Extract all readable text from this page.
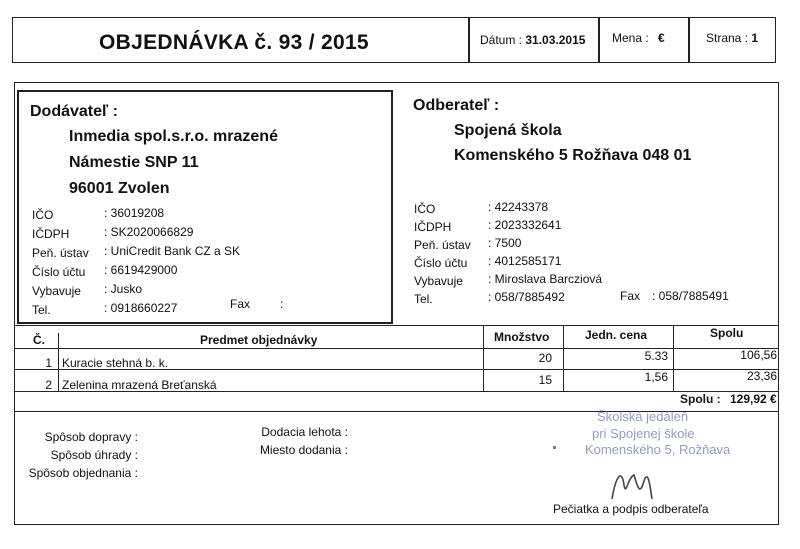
OBJEDNÁVKA č. 93 / 2015	Dátum : 31.03.2015 Mena : €	Strana : 1
Dodávateľ :
Inmedia spol.s.r.o. mrazené
Námestie SNP 11
96001 Zvolen
IČO	: 36019208
IČDPH	: SK2020066829
Peň. ústav : UniCredit Bank CZ a SK
Číslo účtu : 6619429000
Vybavuje : Jusko
Tel.	: 0918660227	Fax :
Odberateľ :
Spojená škola
Komenského 5 Rožňava 048 01
IČO	: 42243378
IČDPH	: 2023332641
Peň. ústav : 7500
Číslo účtu : 4012585171
Vybavuje : Miroslava Barcziová
Tel.	: 058/7885492	Fax : 058/7885491
Č.	Predmet objednávky	Množstvo	Jedn. cena	Spolu
1 Kuracie stehná b. k.	20	5.33	106,56
2 Zelenina mrazená Breťanská	15	1,56	23,36
Spolu : 129,92 €
Spôsob dopravy :
Spôsob úhrady :
Spôsob objednania :
Dodacia lehota :
Miesto dodania :
Školská jedáleň
pri Spojenej škole
Komenského 5, Rožňava
Pečiatka a podpis odberateľa
